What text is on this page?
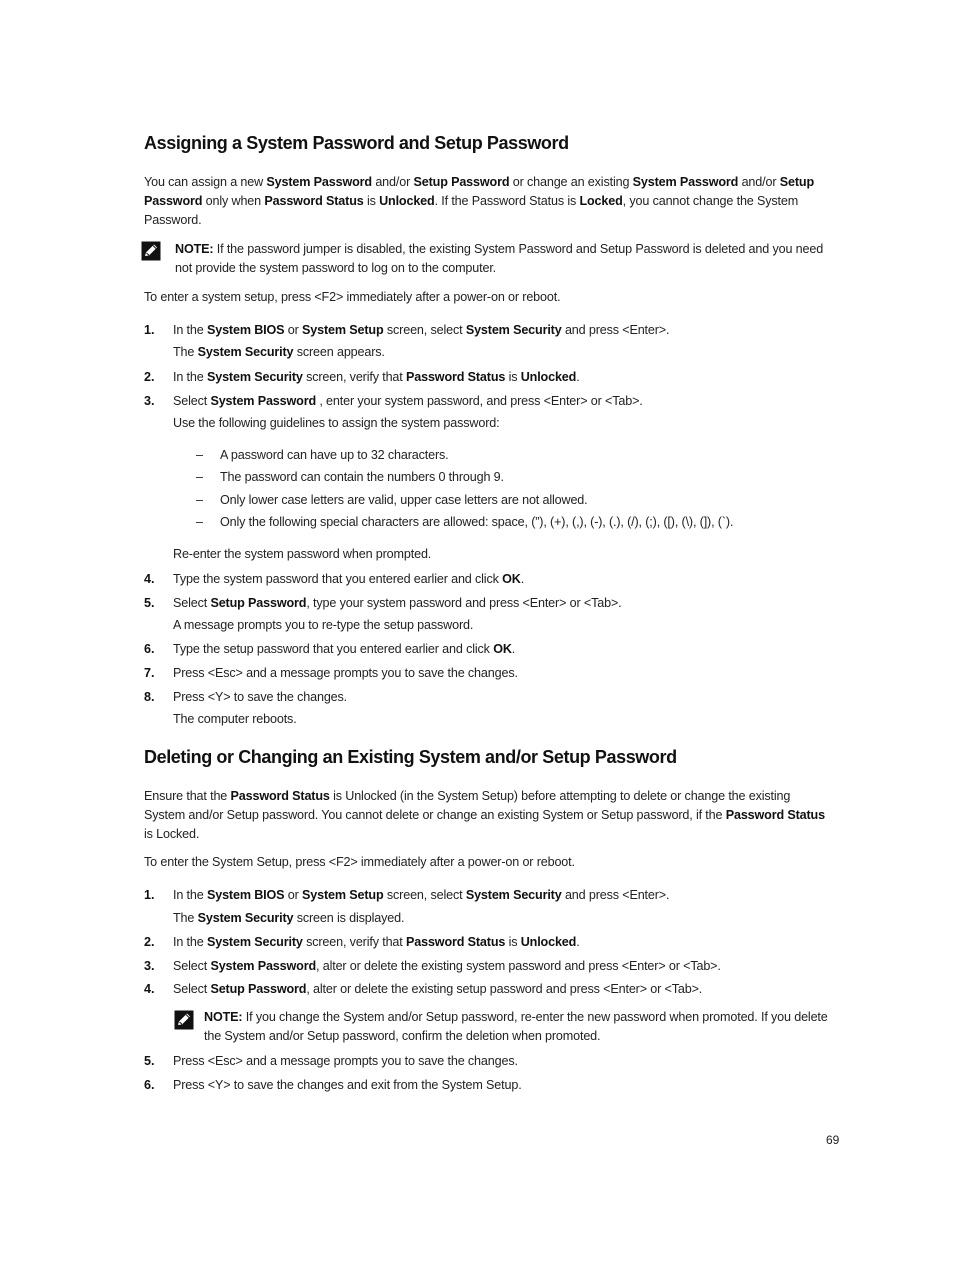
Assigning a System Password and Setup Password
You can assign a new System Password and/or Setup Password or change an existing System Password and/or Setup Password only when Password Status is Unlocked. If the Password Status is Locked, you cannot change the System Password.
NOTE: If the password jumper is disabled, the existing System Password and Setup Password is deleted and you need not provide the system password to log on to the computer.
To enter a system setup, press <F2> immediately after a power-on or reboot.
1. In the System BIOS or System Setup screen, select System Security and press <Enter>.
The System Security screen appears.
2. In the System Security screen, verify that Password Status is Unlocked.
3. Select System Password , enter your system password, and press <Enter> or <Tab>.
Use the following guidelines to assign the system password:
– A password can have up to 32 characters.
– The password can contain the numbers 0 through 9.
– Only lower case letters are valid, upper case letters are not allowed.
– Only the following special characters are allowed: space, (”), (+), (,), (-), (.), (/), (;), ([), (\), (]), (`).
Re-enter the system password when prompted.
4. Type the system password that you entered earlier and click OK.
5. Select Setup Password, type your system password and press <Enter> or <Tab>.
A message prompts you to re-type the setup password.
6. Type the setup password that you entered earlier and click OK.
7. Press <Esc> and a message prompts you to save the changes.
8. Press <Y> to save the changes.
The computer reboots.
Deleting or Changing an Existing System and/or Setup Password
Ensure that the Password Status is Unlocked (in the System Setup) before attempting to delete or change the existing System and/or Setup password. You cannot delete or change an existing System or Setup password, if the Password Status is Locked.
To enter the System Setup, press <F2> immediately after a power-on or reboot.
1. In the System BIOS or System Setup screen, select System Security and press <Enter>.
The System Security screen is displayed.
2. In the System Security screen, verify that Password Status is Unlocked.
3. Select System Password, alter or delete the existing system password and press <Enter> or <Tab>.
4. Select Setup Password, alter or delete the existing setup password and press <Enter> or <Tab>.
NOTE: If you change the System and/or Setup password, re-enter the new password when promoted. If you delete the System and/or Setup password, confirm the deletion when promoted.
5. Press <Esc> and a message prompts you to save the changes.
6. Press <Y> to save the changes and exit from the System Setup.
69
